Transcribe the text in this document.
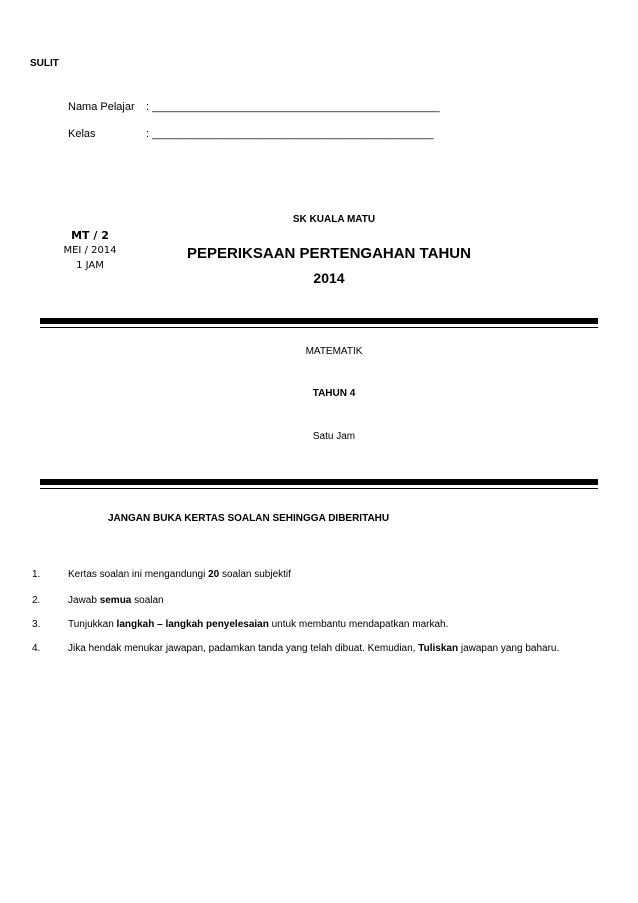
SULIT
Nama Pelajar : _______________________________________________
Kelas	: ______________________________________________
SK KUALA MATU
MT / 2
MEI / 2014
1 JAM
PEPERIKSAAN PERTENGAHAN TAHUN
2014
MATEMATIK
TAHUN 4
Satu Jam
JANGAN BUKA KERTAS SOALAN SEHINGGA DIBERITAHU
1.	Kertas soalan ini mengandungi 20 soalan subjektif
2.	Jawab semua soalan
3.	Tunjukkan langkah – langkah penyelesaian untuk membantu mendapatkan markah.
4.	Jika hendak menukar jawapan, padamkan tanda yang telah dibuat. Kemudian, Tuliskan jawapan yang baharu.
